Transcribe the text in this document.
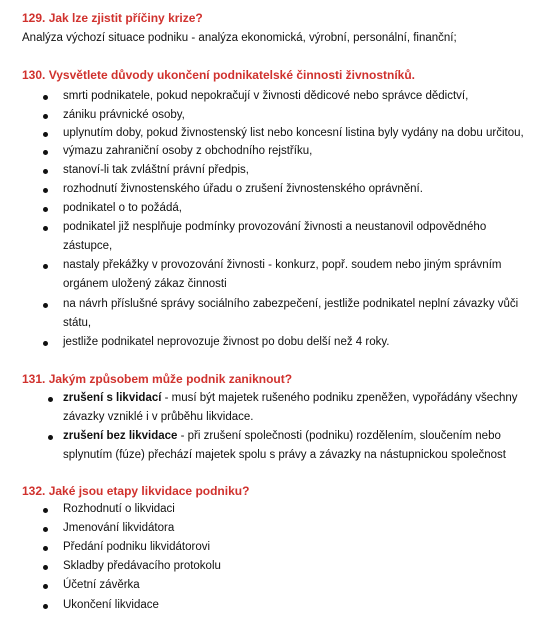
129. Jak lze zjistit příčiny krize?
Analýza výchozí situace podniku - analýza ekonomická, výrobní, personální, finanční;
130. Vysvětlete důvody ukončení podnikatelské činnosti živnostníků.
smrti podnikatele, pokud nepokračují v živnosti dědicové nebo správce dědictví,
zániku právnické osoby,
uplynutím doby, pokud živnostenský list nebo koncesní listina byly vydány na dobu určitou,
výmazu zahraniční osoby z obchodního rejstříku,
stanoví-li tak zvláštní právní předpis,
rozhodnutí živnostenského úřadu o zrušení živnostenského oprávnění.
podnikatel o to požádá,
podnikatel již nesplňuje podmínky provozování živnosti a neustanovil odpovědného
zástupce,
nastaly překážky v provozování živnosti - konkurz, popř. soudem nebo jiným správním
orgánem uložený zákaz činnosti
na návrh příslušné správy sociálního zabezpečení, jestliže podnikatel neplní závazky vůči
státu,
jestliže podnikatel neprovozuje živnost po dobu delší než 4 roky.
131. Jakým způsobem může podnik zaniknout?
zrušení s likvidací - musí být majetek rušeného podniku zpeněžen, vypořádány všechny
závazky vzniklé i v průběhu likvidace.
zrušení bez likvidace - při zrušení společnosti (podniku) rozdělením, sloučením nebo
splynutím (fúze) přechází majetek spolu s právy a závazky na nástupnickou společnost
132. Jaké jsou etapy likvidace podniku?
Rozhodnutí o likvidaci
Jmenování likvidátora
Předání podniku likvidátorovi
Skladby předávacího protokolu
Účetní závěrka
Ukončení likvidace
